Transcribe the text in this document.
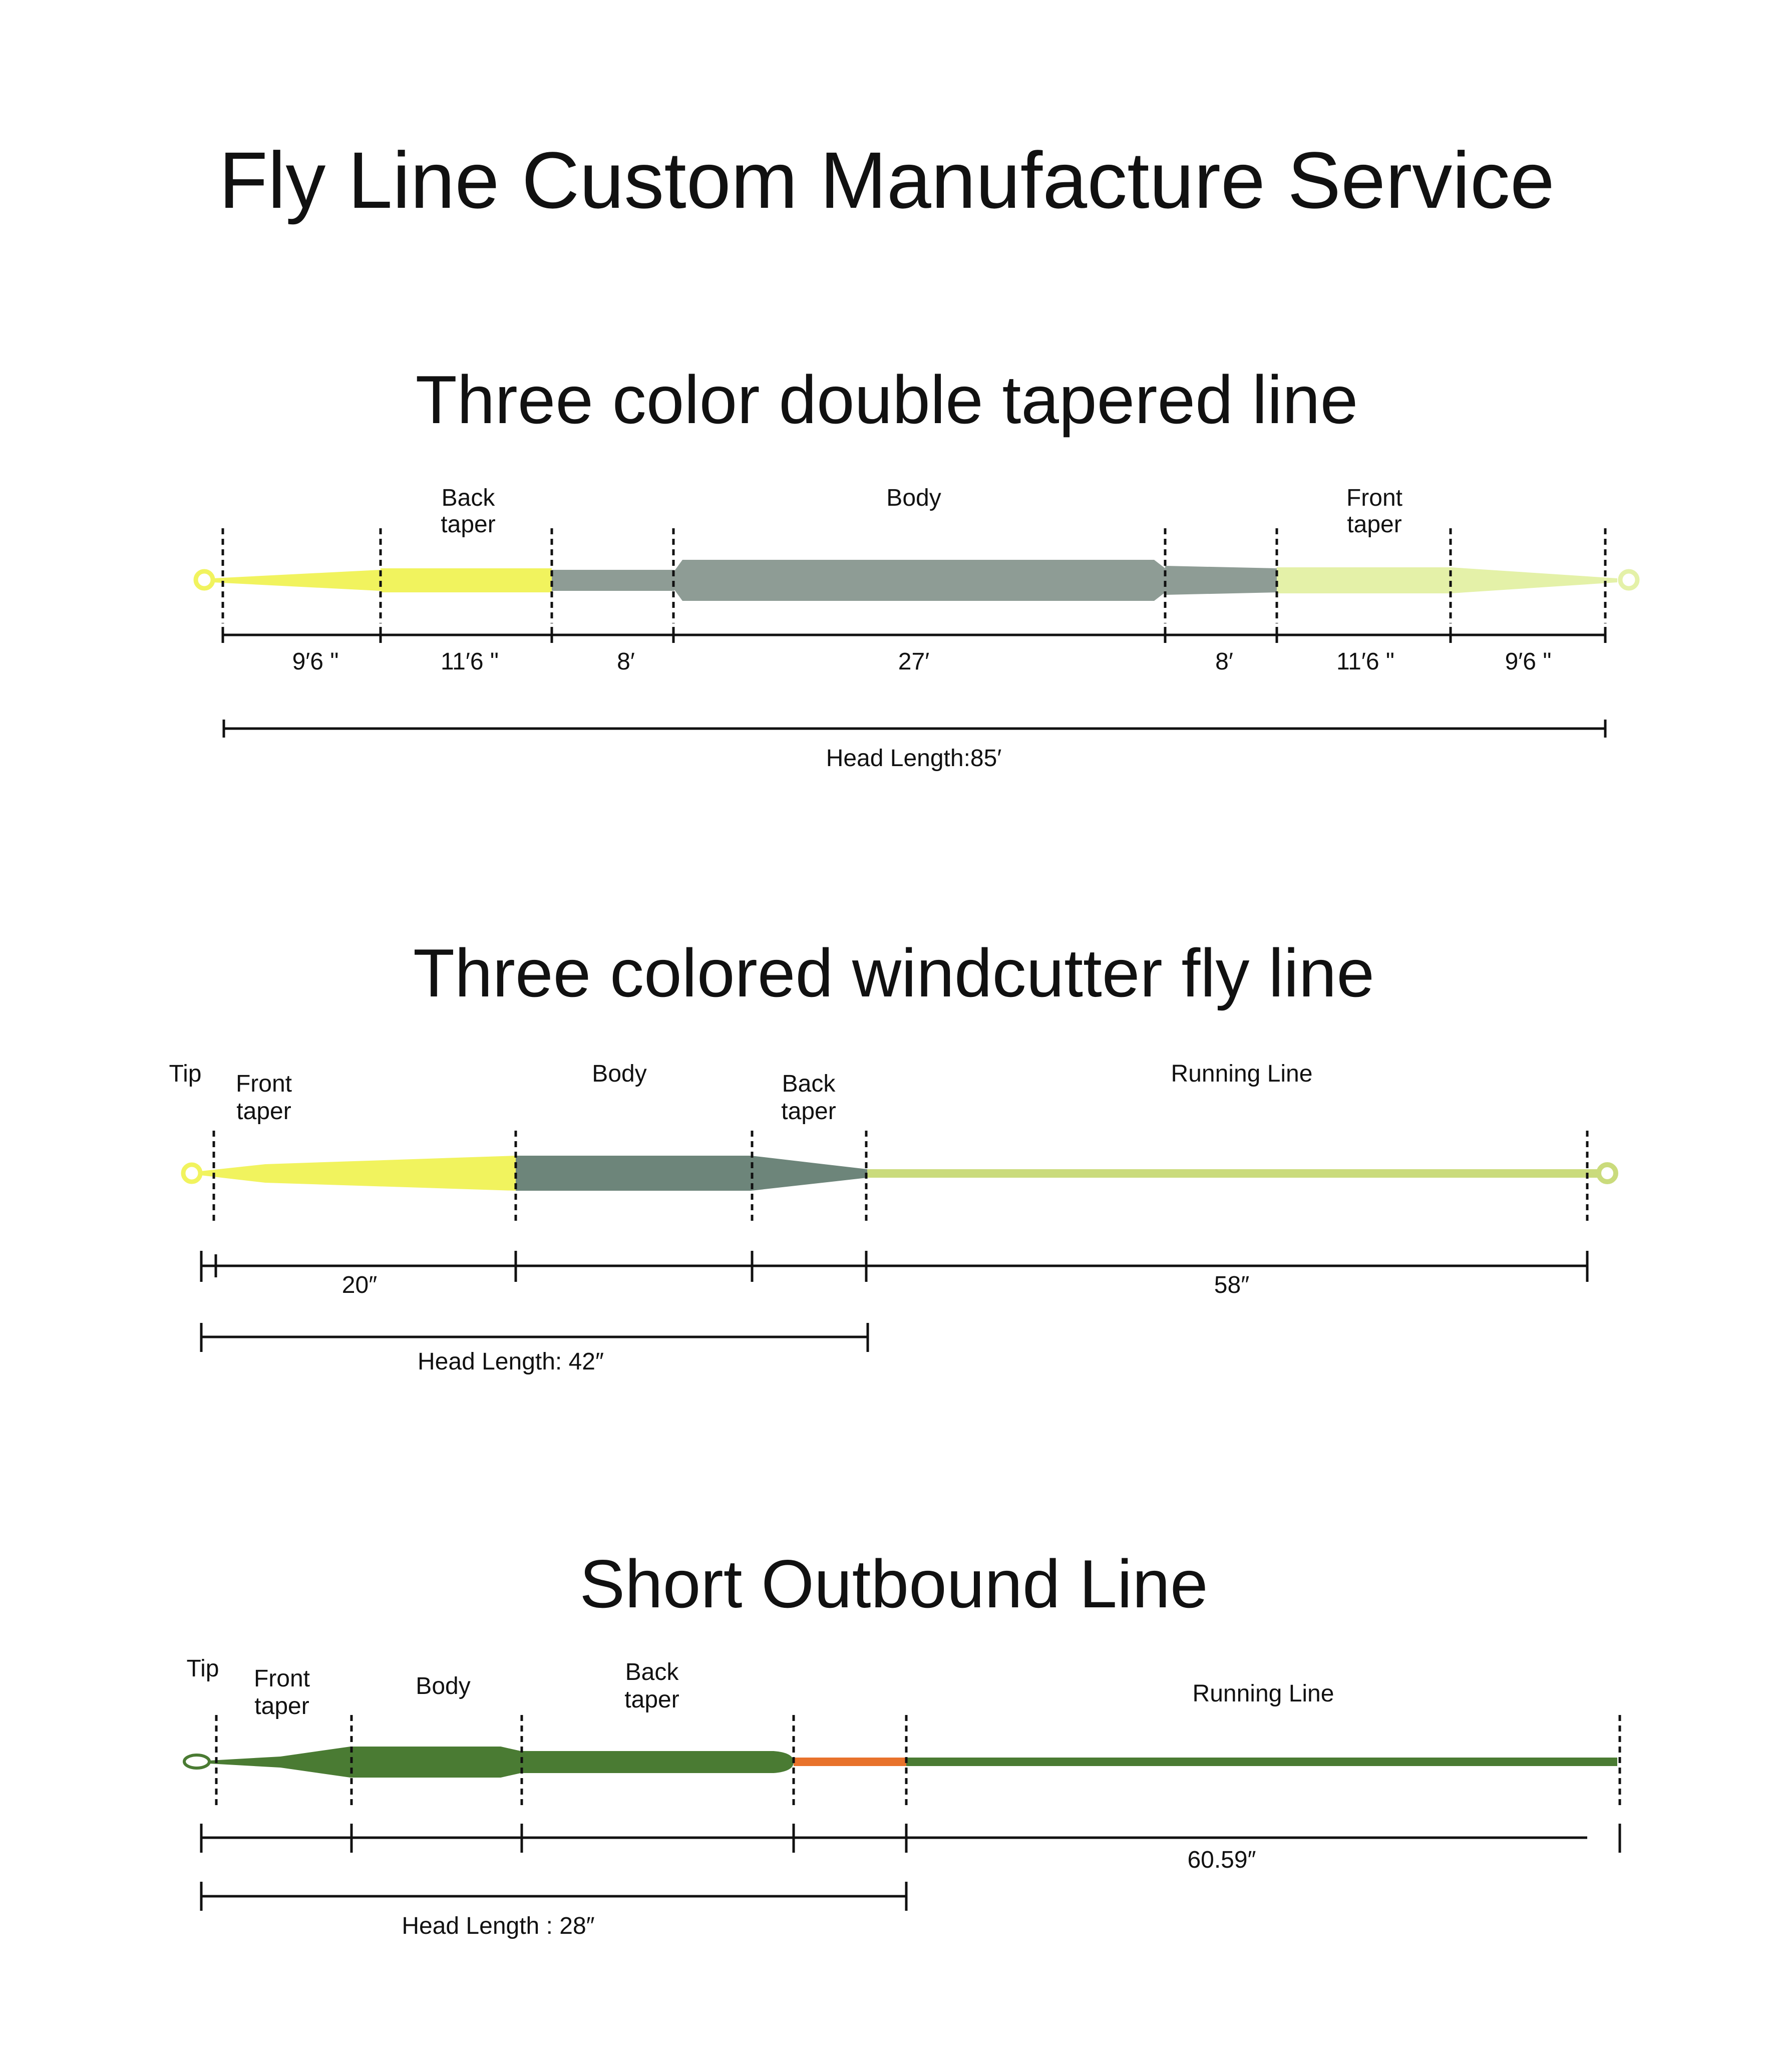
Fly Line Custom Manufacture Service
Three color double tapered line
Back
taper
Body	Front
taper
9′6 "	11′6 "	8′	27′	8′	11′6 "	9′6 "
Head Length:85′
Three colored windcutter fly line
Tip Front
taper
Body	Back
taper
Running Line
20″	58″
Head Length: 42″
Short Outbound Line
Tip Front
taper
Body
Back
taper	Running Line
60.59″
Head Length : 28″
